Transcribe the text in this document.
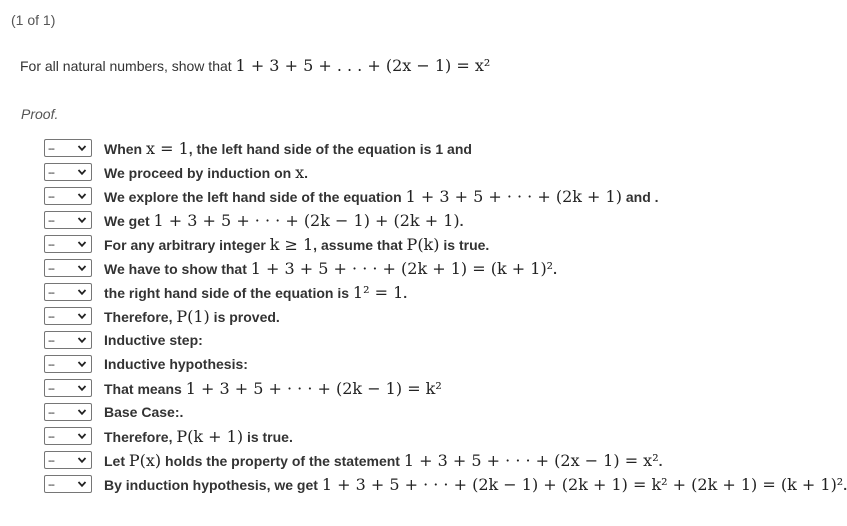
(1 of 1)
For all natural numbers, show that 1 + 3 + 5 + . . . + (2x − 1) = x²
Proof.
--	When x = 1, the left hand side of the equation is 1 and
--	We proceed by induction on x.
--	We explore the left hand side of the equation 1 + 3 + 5 + · · · + (2k + 1) and .
--	We get 1 + 3 + 5 + · · · + (2k − 1) + (2k + 1).
--	For any arbitrary integer k ≥ 1, assume that P(k) is true.
--	We have to show that 1 + 3 + 5 + · · · + (2k + 1) = (k + 1)².
--	the right hand side of the equation is 1² = 1.
--	Therefore, P(1) is proved.
--	Inductive step:
--	Inductive hypothesis:
--	That means 1 + 3 + 5 + · · · + (2k − 1) = k²
--	Base Case:.
--	Therefore, P(k + 1) is true.
--	Let P(x) holds the property of the statement 1 + 3 + 5 + · · · + (2x − 1) = x².
--	By induction hypothesis, we get 1 + 3 + 5 + · · · + (2k − 1) + (2k + 1) = k² + (2k + 1) = (k + 1)².
